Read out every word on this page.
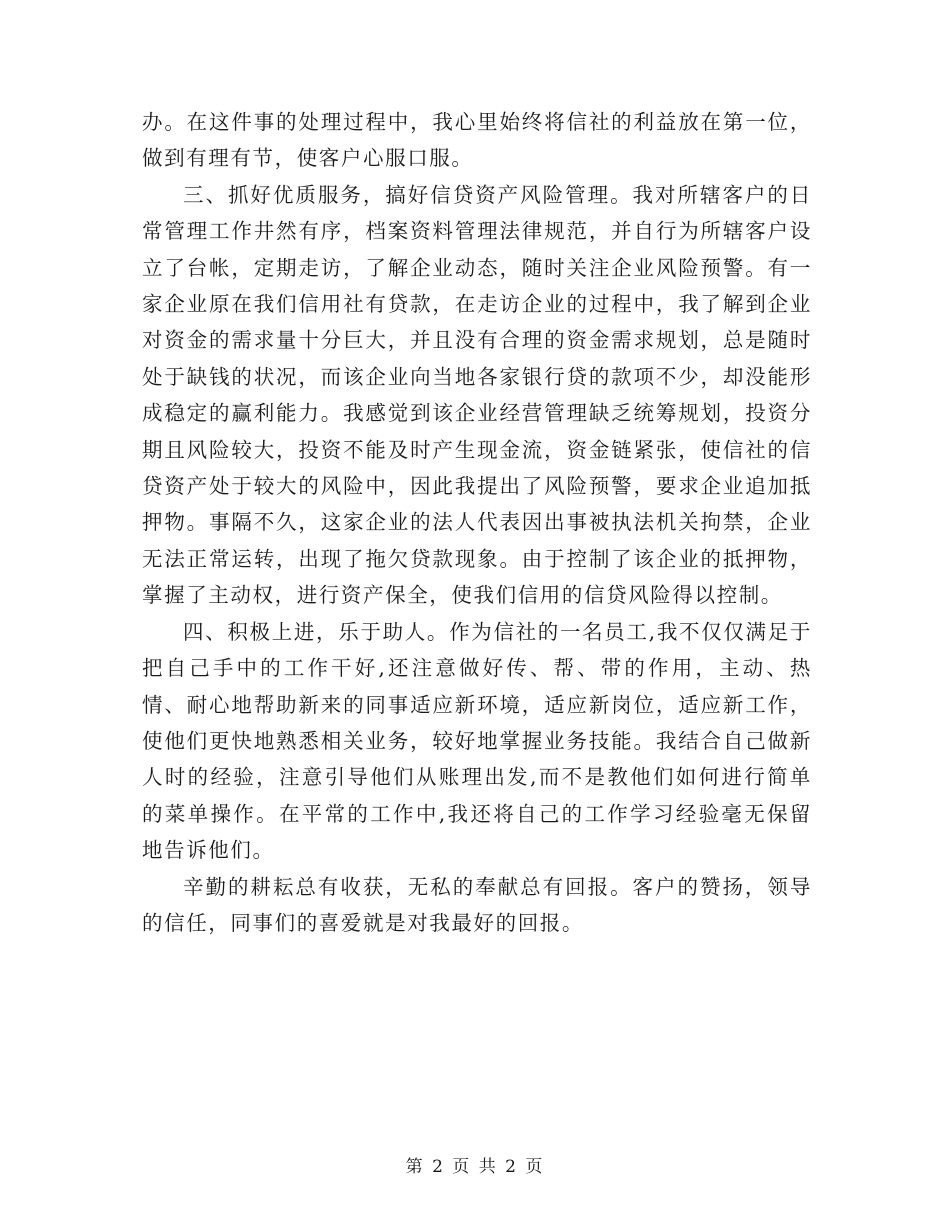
办。在这件事的处理过程中，我心里始终将信社的利益放在第一位，做到有理有节，使客户心服口服。

三、抓好优质服务，搞好信贷资产风险管理。我对所辖客户的日常管理工作井然有序，档案资料管理法律规范，并自行为所辖客户设立了台帐，定期走访，了解企业动态，随时关注企业风险预警。有一家企业原在我们信用社有贷款，在走访企业的过程中，我了解到企业对资金的需求量十分巨大，并且没有合理的资金需求规划，总是随时处于缺钱的状况，而该企业向当地各家银行贷的款项不少，却没能形成稳定的赢利能力。我感觉到该企业经营管理缺乏统筹规划，投资分期且风险较大，投资不能及时产生现金流，资金链紧张，使信社的信贷资产处于较大的风险中，因此我提出了风险预警，要求企业追加抵押物。事隔不久，这家企业的法人代表因出事被执法机关拘禁，企业无法正常运转，出现了拖欠贷款现象。由于控制了该企业的抵押物，掌握了主动权，进行资产保全，使我们信用的信贷风险得以控制。

四、积极上进，乐于助人。作为信社的一名员工,我不仅仅满足于把自己手中的工作干好,还注意做好传、帮、带的作用，主动、热情、耐心地帮助新来的同事适应新环境，适应新岗位，适应新工作，使他们更快地熟悉相关业务，较好地掌握业务技能。我结合自己做新人时的经验，注意引导他们从账理出发,而不是教他们如何进行简单的菜单操作。在平常的工作中,我还将自己的工作学习经验毫无保留地告诉他们。

辛勤的耕耘总有收获，无私的奉献总有回报。客户的赞扬，领导的信任，同事们的喜爱就是对我最好的回报。

第 2 页 共 2 页
